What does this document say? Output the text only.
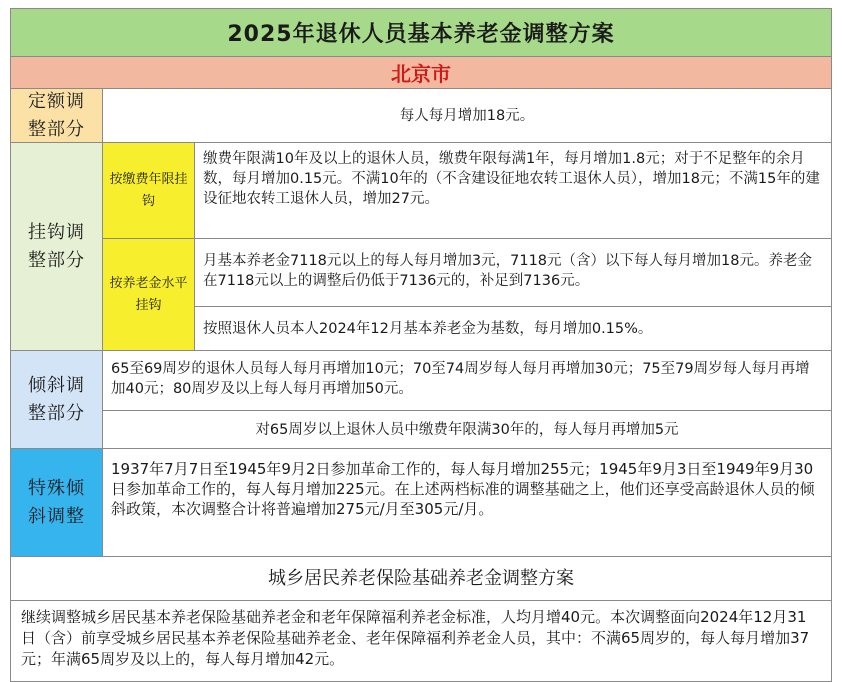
2025年退休人员基本养老金调整方案
北京市
定额调整部分
每人每月增加18元。
挂钩调整部分
按缴费年限挂钩
缴费年限满10年及以上的退休人员，缴费年限每满1年，每月增加1.8元；对于不足整年的余月数，每月增加0.15元。不满10年的（不含建设征地农转工退休人员），增加18元；不满15年的建设征地农转工退休人员，增加27元。
按养老金水平挂钩
月基本养老金7118元以上的每人每月增加3元，7118元（含）以下每人每月增加18元。养老金在7118元以上的调整后仍低于7136元的，补足到7136元。
按照退休人员本人2024年12月基本养老金为基数，每月增加0.15%。
倾斜调整部分
65至69周岁的退休人员每人每月再增加10元；70至74周岁每人每月再增加30元；75至79周岁每人每月再增加40元；80周岁及以上每人每月再增加50元。
对65周岁以上退休人员中缴费年限满30年的，每人每月再增加5元
特殊倾斜调整
1937年7月7日至1945年9月2日参加革命工作的，每人每月增加255元；1945年9月3日至1949年9月30日参加革命工作的，每人每月增加225元。在上述两档标准的调整基础之上，他们还享受高龄退休人员的倾斜政策，本次调整合计将普遍增加275元/月至305元/月。
城乡居民养老保险基础养老金调整方案
继续调整城乡居民基本养老保险基础养老金和老年保障福利养老金标准，人均月增40元。本次调整面向2024年12月31日（含）前享受城乡居民基本养老保险基础养老金、老年保障福利养老金人员，其中：不满65周岁的，每人每月增加37元；年满65周岁及以上的，每人每月增加42元。
